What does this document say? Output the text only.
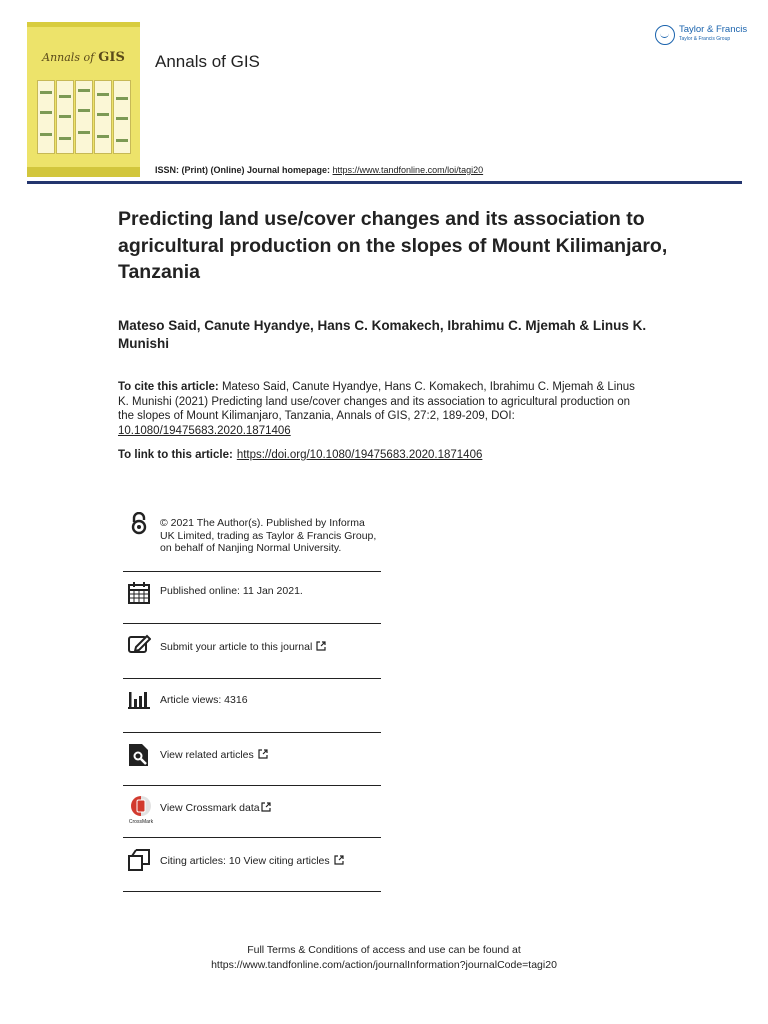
Annals of GIS	Annals of GIS
ISSN: (Print) (Online) Journal homepage: https://www.tandfonline.com/loi/tagi20
Taylor & Francis
Taylor & Francis Group
Predicting land use/cover changes and its association to agricultural production on the slopes of Mount Kilimanjaro, Tanzania
Mateso Said, Canute Hyandye, Hans C. Komakech, Ibrahimu C. Mjemah & Linus K. Munishi
To cite this article: Mateso Said, Canute Hyandye, Hans C. Komakech, Ibrahimu C. Mjemah & Linus K. Munishi (2021) Predicting land use/cover changes and its association to agricultural production on the slopes of Mount Kilimanjaro, Tanzania, Annals of GIS, 27:2, 189-209, DOI: 10.1080/19475683.2020.1871406
To link to this article: https://doi.org/10.1080/19475683.2020.1871406
© 2021 The Author(s). Published by Informa UK Limited, trading as Taylor & Francis Group, on behalf of Nanjing Normal University.
Published online: 11 Jan 2021.
Submit your article to this journal
Article views: 4316
View related articles
CrossMark
View Crossmark data
Citing articles: 10 View citing articles
Full Terms & Conditions of access and use can be found at
https://www.tandfonline.com/action/journalInformation?journalCode=tagi20
